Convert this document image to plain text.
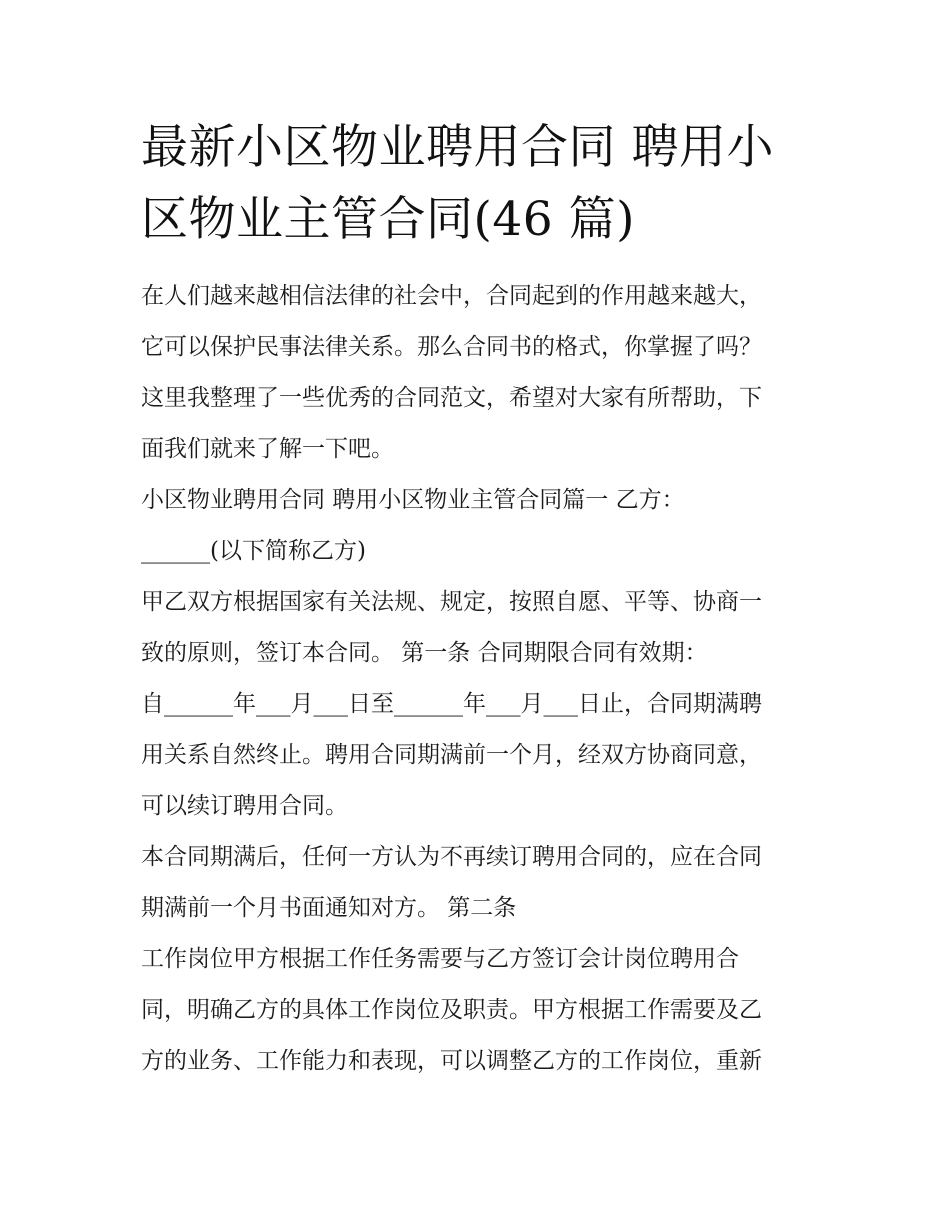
最新小区物业聘用合同 聘用小
区物业主管合同(46 篇)

在人们越来越相信法律的社会中，合同起到的作用越来越大，
它可以保护民事法律关系。那么合同书的格式，你掌握了吗？
这里我整理了一些优秀的合同范文，希望对大家有所帮助，下
面我们就来了解一下吧。

小区物业聘用合同 聘用小区物业主管合同篇一 乙方：
______(以下简称乙方)

甲乙双方根据国家有关法规、规定，按照自愿、平等、协商一
致的原则，签订本合同。 第一条 合同期限合同有效期：

自______年___月___日至______年___月___日止，合同期满聘
用关系自然终止。聘用合同期满前一个月，经双方协商同意，
可以续订聘用合同。

本合同期满后，任何一方认为不再续订聘用合同的，应在合同
期满前一个月书面通知对方。 第二条

工作岗位甲方根据工作任务需要与乙方签订会计岗位聘用合
同，明确乙方的具体工作岗位及职责。甲方根据工作需要及乙
方的业务、工作能力和表现，可以调整乙方的工作岗位，重新
